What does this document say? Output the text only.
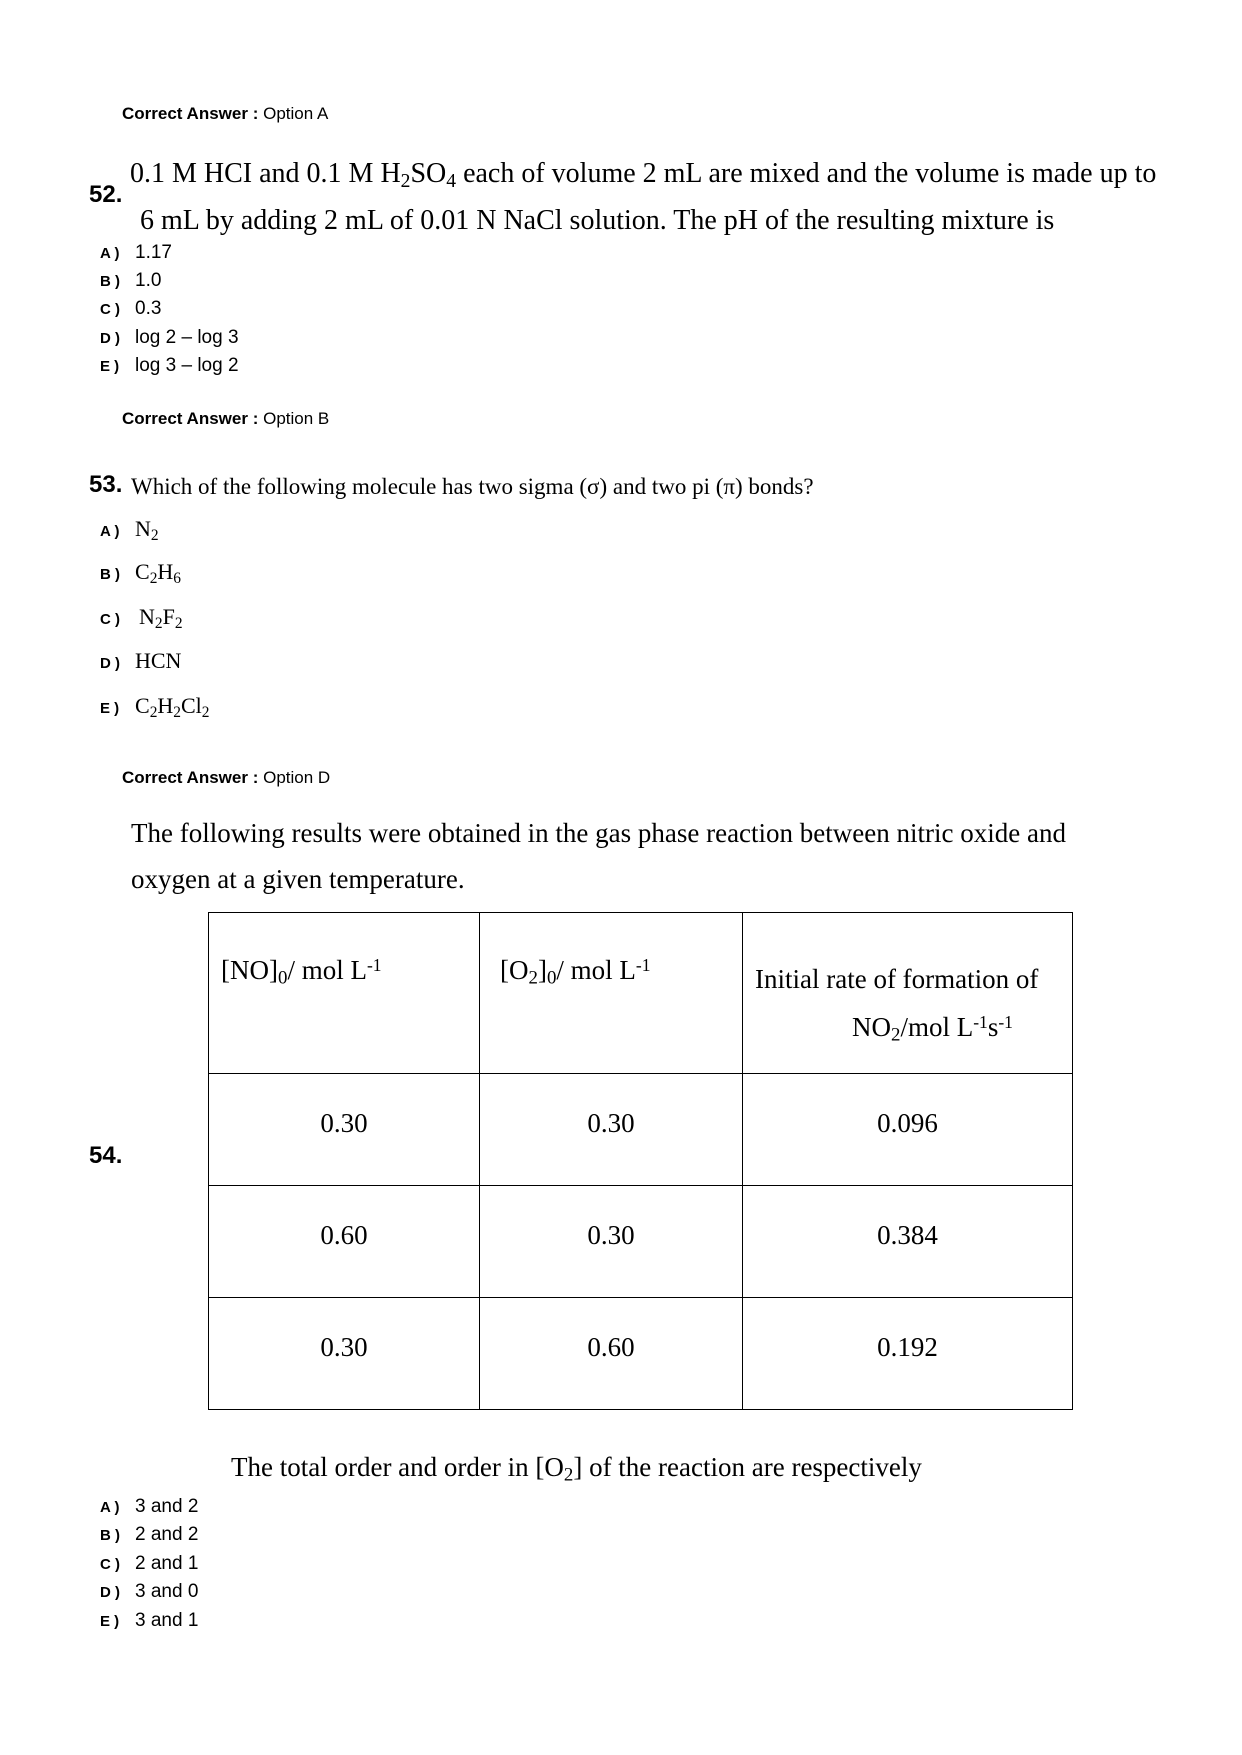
Correct Answer : Option A
52.
0.1 M HCI and 0.1 M $H_2SO_4$ each of volume 2 mL are mixed and the volume is made up to
6 mL by adding 2 mL of 0.01 N NaCl solution. The pH of the resulting mixture is
A ) 1.17
B ) 1.0
C ) 0.3
D ) log 2 – log 3
E ) log 3 – log 2
Correct Answer : Option B
53. Which of the following molecule has two sigma (σ) and two pi (π) bonds?
A ) $N_2$
B ) $C_2H_6$
C ) $N_2F_2$
D ) HCN
E ) $C_2H_2Cl_2$
Correct Answer : Option D
The following results were obtained in the gas phase reaction between nitric oxide and
oxygen at a given temperature.
54.
$[NO]_0/$ mol $L^{-1}$	$[O_2]_0/$ mol $L^{-1}$	Initial rate of formation of
$NO_2$/mol $L^{-1}s^{-1}$

0.30	0.30	0.096
0.60	0.30	0.384
0.30	0.60	0.192
The total order and order in $[O_2]$ of the reaction are respectively
A ) 3 and 2
B ) 2 and 2
C ) 2 and 1
D ) 3 and 0
E ) 3 and 1
